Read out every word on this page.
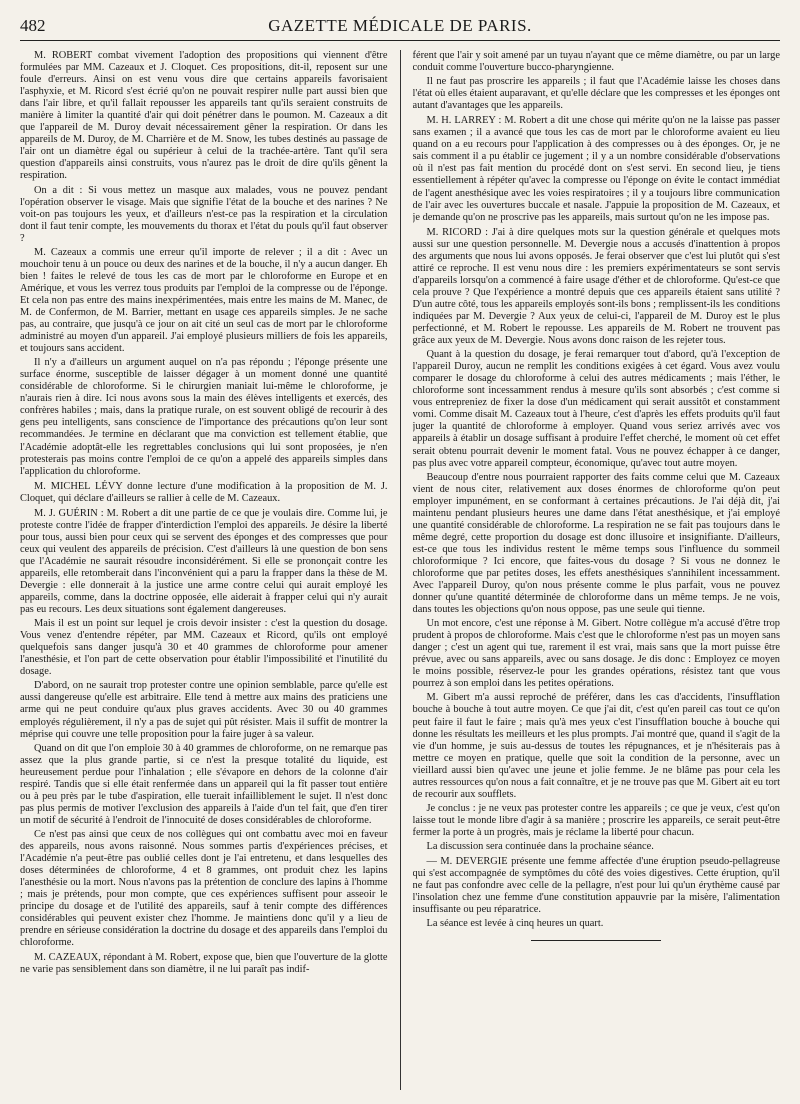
482	GAZETTE MÉDICALE DE PARIS.

M. ROBERT combat vivement l'adoption des propositions qui viennent d'être formulées par MM. Cazeaux et J. Cloquet. Ces propositions, dit-il, reposent sur une foule d'erreurs. Ainsi on est venu vous dire que certains appareils favorisaient l'asphyxie, et M. Ricord s'est écrié qu'on ne pouvait respirer nulle part aussi bien que dans l'air libre, et qu'il fallait repousser les appareils tant qu'ils seraient construits de manière à limiter la quantité d'air qui doit pénétrer dans le poumon. M. Cazeaux a dit que l'appareil de M. Duroy devait nécessairement gêner la respiration. Or dans les appareils de M. Duroy, de M. Charrière et de M. Snow, les tubes destinés au passage de l'air ont un diamètre égal ou supérieur à celui de la trachée-artère. Tant qu'il sera question d'appareils ainsi construits, vous n'aurez pas le droit de dire qu'ils gênent la respiration.

On a dit : Si vous mettez un masque aux malades, vous ne pouvez pendant l'opération observer le visage. Mais que signifie l'état de la bouche et des narines ? Ne voit-on pas toujours les yeux, et d'ailleurs n'est-ce pas la respiration et la circulation dont il faut tenir compte, les mouvements du thorax et l'état du pouls qu'il faut observer ?

M. Cazeaux a commis une erreur qu'il importe de relever ; il a dit : Avec un mouchoir tenu à un pouce ou deux des narines et de la bouche, il n'y a aucun danger. Eh bien ! faites le relevé de tous les cas de mort par le chloroforme en Europe et en Amérique, et vous les verrez tous produits par l'emploi de la compresse ou de l'éponge. Et cela non pas entre des mains inexpérimentées, mais entre les mains de M. Manec, de M. de Confermon, de M. Barrier, mettant en usage ces appareils simples. Je ne sache pas, au contraire, que jusqu'à ce jour on ait cité un seul cas de mort par le chloroforme administré au moyen d'un appareil. J'ai employé plusieurs milliers de fois les appareils, et toujours sans accident.

Il n'y a d'ailleurs un argument auquel on n'a pas répondu ; l'éponge présente une surface énorme, susceptible de laisser dégager à un moment donné une quantité considérable de chloroforme. Si le chirurgien maniait lui-même le chloroforme, je n'aurais rien à dire. Ici nous avons sous la main des élèves intelligents et exercés, des confrères habiles ; mais, dans la pratique rurale, on est souvent obligé de recourir à des gens peu intelligents, sans conscience de l'importance des précautions qu'on leur sont recommandées. Je termine en déclarant que ma conviction est tellement établie, que l'Académie adoptât-elle les regrettables conclusions qui lui sont proposées, je n'en protesterais pas moins contre l'emploi de ce qu'on a appelé des appareils simples dans l'application du chloroforme.

M. MICHEL LÉVY donne lecture d'une modification à la proposition de M. J. Cloquet, qui déclare d'ailleurs se rallier à celle de M. Cazeaux.

M. J. GUÉRIN : M. Robert a dit une partie de ce que je voulais dire. Comme lui, je proteste contre l'idée de frapper d'interdiction l'emploi des appareils. Je désire la liberté pour tous, aussi bien pour ceux qui se servent des éponges et des compresses que pour ceux qui veulent des appareils de précision. C'est d'ailleurs là une question de bon sens que l'Académie ne saurait résoudre inconsidérément. Si elle se prononçait contre les appareils, elle retomberait dans l'inconvénient qui a paru la frapper dans la thèse de M. Devergie : elle donnerait à la justice une arme contre celui qui aurait employé les appareils, comme, dans la doctrine opposée, elle aiderait à frapper celui qui n'y aurait pas eu recours. Les deux situations sont également dangereuses.

Mais il est un point sur lequel je crois devoir insister : c'est la question du dosage. Vous venez d'entendre répéter, par MM. Cazeaux et Ricord, qu'ils ont employé quelquefois sans danger jusqu'à 30 et 40 grammes de chloroforme pour amener l'anesthésie, et l'on part de cette observation pour établir l'impossibilité et l'inutilité du dosage.

D'abord, on ne saurait trop protester contre une opinion semblable, parce qu'elle est aussi dangereuse qu'elle est arbitraire. Elle tend à mettre aux mains des praticiens une arme qui ne peut conduire qu'aux plus graves accidents. Avec 30 ou 40 grammes employés régulièrement, il n'y a pas de sujet qui pût résister. Mais il suffit de montrer la méprise qui couvre une telle proposition pour la faire juger à sa valeur.

Quand on dit que l'on emploie 30 à 40 grammes de chloroforme, on ne remarque pas assez que la plus grande partie, si ce n'est la presque totalité du liquide, est heureusement perdue pour l'inhalation ; elle s'évapore en dehors de la colonne d'air respiré. Tandis que si elle était renfermée dans un appareil qui la fît passer tout entière ou à peu près par le tube d'aspiration, elle tuerait infailliblement le sujet. Il n'est donc pas plus permis de motiver l'exclusion des appareils à l'aide d'un tel fait, que d'en tirer un motif de sécurité à l'endroit de l'innocuité de doses considérables de chloroforme.

Ce n'est pas ainsi que ceux de nos collègues qui ont combattu avec moi en faveur des appareils, nous avons raisonné. Nous sommes partis d'expériences précises, et l'Académie n'a peut-être pas oublié celles dont je l'ai entretenu, et dans lesquelles des doses déterminées de chloroforme, 4 et 8 grammes, ont produit chez les lapins l'anesthésie ou la mort. Nous n'avons pas la prétention de conclure des lapins à l'homme ; mais je prétends, pour mon compte, que ces expériences suffisent pour asseoir le principe du dosage et de l'utilité des appareils, sauf à tenir compte des différences considérables qui peuvent exister chez l'homme. Je maintiens donc qu'il y a lieu de prendre en sérieuse considération la doctrine du dosage et des appareils dans l'emploi du chloroforme.

M. CAZEAUX, répondant à M. Robert, expose que, bien que l'ouverture de la glotte ne varie pas sensiblement dans son diamètre, il ne lui paraît pas indif-

férent que l'air y soit amené par un tuyau n'ayant que ce même diamètre, ou par un large conduit comme l'ouverture bucco-pharyngienne.

Il ne faut pas proscrire les appareils ; il faut que l'Académie laisse les choses dans l'état où elles étaient auparavant, et qu'elle déclare que les compresses et les éponges ont autant d'avantages que les appareils.

M. H. LARREY : M. Robert a dit une chose qui mérite qu'on ne la laisse pas passer sans examen ; il a avancé que tous les cas de mort par le chloroforme avaient eu lieu quand on a eu recours pour l'application à des compresses ou à des éponges. Or, je ne sais comment il a pu établir ce jugement ; il y a un nombre considérable d'observations où il n'est pas fait mention du procédé dont on s'est servi. En second lieu, je tiens essentiellement à répéter qu'avec la compresse ou l'éponge on évite le contact immédiat de l'agent anesthésique avec les voies respiratoires ; il y a toujours libre communication de l'air avec les ouvertures buccale et nasale. J'appuie la proposition de M. Cazeaux, et je demande qu'on ne proscrive pas les appareils, mais surtout qu'on ne les impose pas.

M. RICORD : J'ai à dire quelques mots sur la question générale et quelques mots aussi sur une question personnelle. M. Devergie nous a accusés d'inattention à propos des arguments que nous lui avons opposés. Je ferai observer que c'est lui plutôt qui s'est attiré ce reproche. Il est venu nous dire : les premiers expérimentateurs se sont servis d'appareils lorsqu'on a commencé à faire usage d'éther et de chloroforme. Qu'est-ce que cela prouve ? Que l'expérience a montré depuis que ces appareils étaient sans utilité ? D'un autre côté, tous les appareils employés sont-ils bons ; remplissent-ils les conditions indiquées par M. Devergie ? Aux yeux de celui-ci, l'appareil de M. Duroy est le plus perfectionné, et M. Robert le repousse. Les appareils de M. Robert ne trouvent pas grâce aux yeux de M. Devergie. Nous avons donc raison de les rejeter tous.

Quant à la question du dosage, je ferai remarquer tout d'abord, qu'à l'exception de l'appareil Duroy, aucun ne remplit les conditions exigées à cet égard. Vous avez voulu comparer le dosage du chloroforme à celui des autres médicaments ; mais l'éther, le chloroforme sont incessamment rendus à mesure qu'ils sont absorbés ; c'est comme si vous entrepreniez de fixer la dose d'un médicament qui serait aussitôt et constamment vomi. Comme disait M. Cazeaux tout à l'heure, c'est d'après les effets produits qu'il faut juger la quantité de chloroforme à employer. Quand vous seriez arrivés avec vos appareils à établir un dosage suffisant à produire l'effet cherché, le moment où cet effet serait obtenu pourrait devenir le moment fatal. Vous ne pouvez échapper à ce danger, pas plus avec votre appareil compteur, économique, qu'avec tout autre moyen.

Beaucoup d'entre nous pourraient rapporter des faits comme celui que M. Cazeaux vient de nous citer, relativement aux doses énormes de chloroforme qu'on peut employer impunément, en se conformant à certaines précautions. Je l'ai déjà dit, j'ai maintenu pendant plusieurs heures une dame dans l'état anesthésique, et j'ai employé une quantité considérable de chloroforme. La respiration ne se fait pas toujours dans le même degré, cette proportion du dosage est donc illusoire et insignifiante. D'ailleurs, est-ce que tous les individus restent le même temps sous l'influence du sommeil chloroformique ? Ici encore, que faites-vous du dosage ? Si vous ne donnez le chloroforme que par petites doses, les effets anesthésiques s'annihilent incessamment. Avec l'appareil Duroy, qu'on nous présente comme le plus parfait, vous ne pouvez donner qu'une quantité déterminée de chloroforme dans un même temps. Je ne vois, dans toutes les objections qu'on nous oppose, pas une seule qui tienne.

Un mot encore, c'est une réponse à M. Gibert. Notre collègue m'a accusé d'être trop prudent à propos de chloroforme. Mais c'est que le chloroforme n'est pas un moyen sans danger ; c'est un agent qui tue, rarement il est vrai, mais sans que la mort puisse être prévue, avec ou sans appareils, avec ou sans dosage. Je dis donc : Employez ce moyen le moins possible, réservez-le pour les grandes opérations, résistez tant que vous pourrez à son emploi dans les petites opérations.

M. Gibert m'a aussi reproché de préférer, dans les cas d'accidents, l'insufflation bouche à bouche à tout autre moyen. Ce que j'ai dit, c'est qu'en pareil cas tout ce qu'on peut faire il faut le faire ; mais qu'à mes yeux c'est l'insufflation bouche à bouche qui donne les résultats les meilleurs et les plus prompts. J'ai montré que, quand il s'agit de la vie d'un homme, je suis au-dessus de toutes les répugnances, et je n'hésiterais pas à mettre ce moyen en pratique, quelle que soit la condition de la personne, avec un vieillard aussi bien qu'avec une jeune et jolie femme. Je ne blâme pas pour cela les autres ressources qu'on nous a fait connaître, et je ne trouve pas que M. Gibert ait eu tort de recourir aux soufflets.

Je conclus : je ne veux pas protester contre les appareils ; ce que je veux, c'est qu'on laisse tout le monde libre d'agir à sa manière ; proscrire les appareils, ce serait peut-être fermer la porte à un progrès, mais je réclame la liberté pour chacun.

La discussion sera continuée dans la prochaine séance.

— M. DEVERGIE présente une femme affectée d'une éruption pseudo-pellagreuse qui s'est accompagnée de symptômes du côté des voies digestives. Cette éruption, qu'il ne faut pas confondre avec celle de la pellagre, n'est pour lui qu'un érythème causé par l'insolation chez une femme d'une constitution appauvrie par la misère, l'alimentation insuffisante ou peu réparatrice.

La séance est levée à cinq heures un quart.
